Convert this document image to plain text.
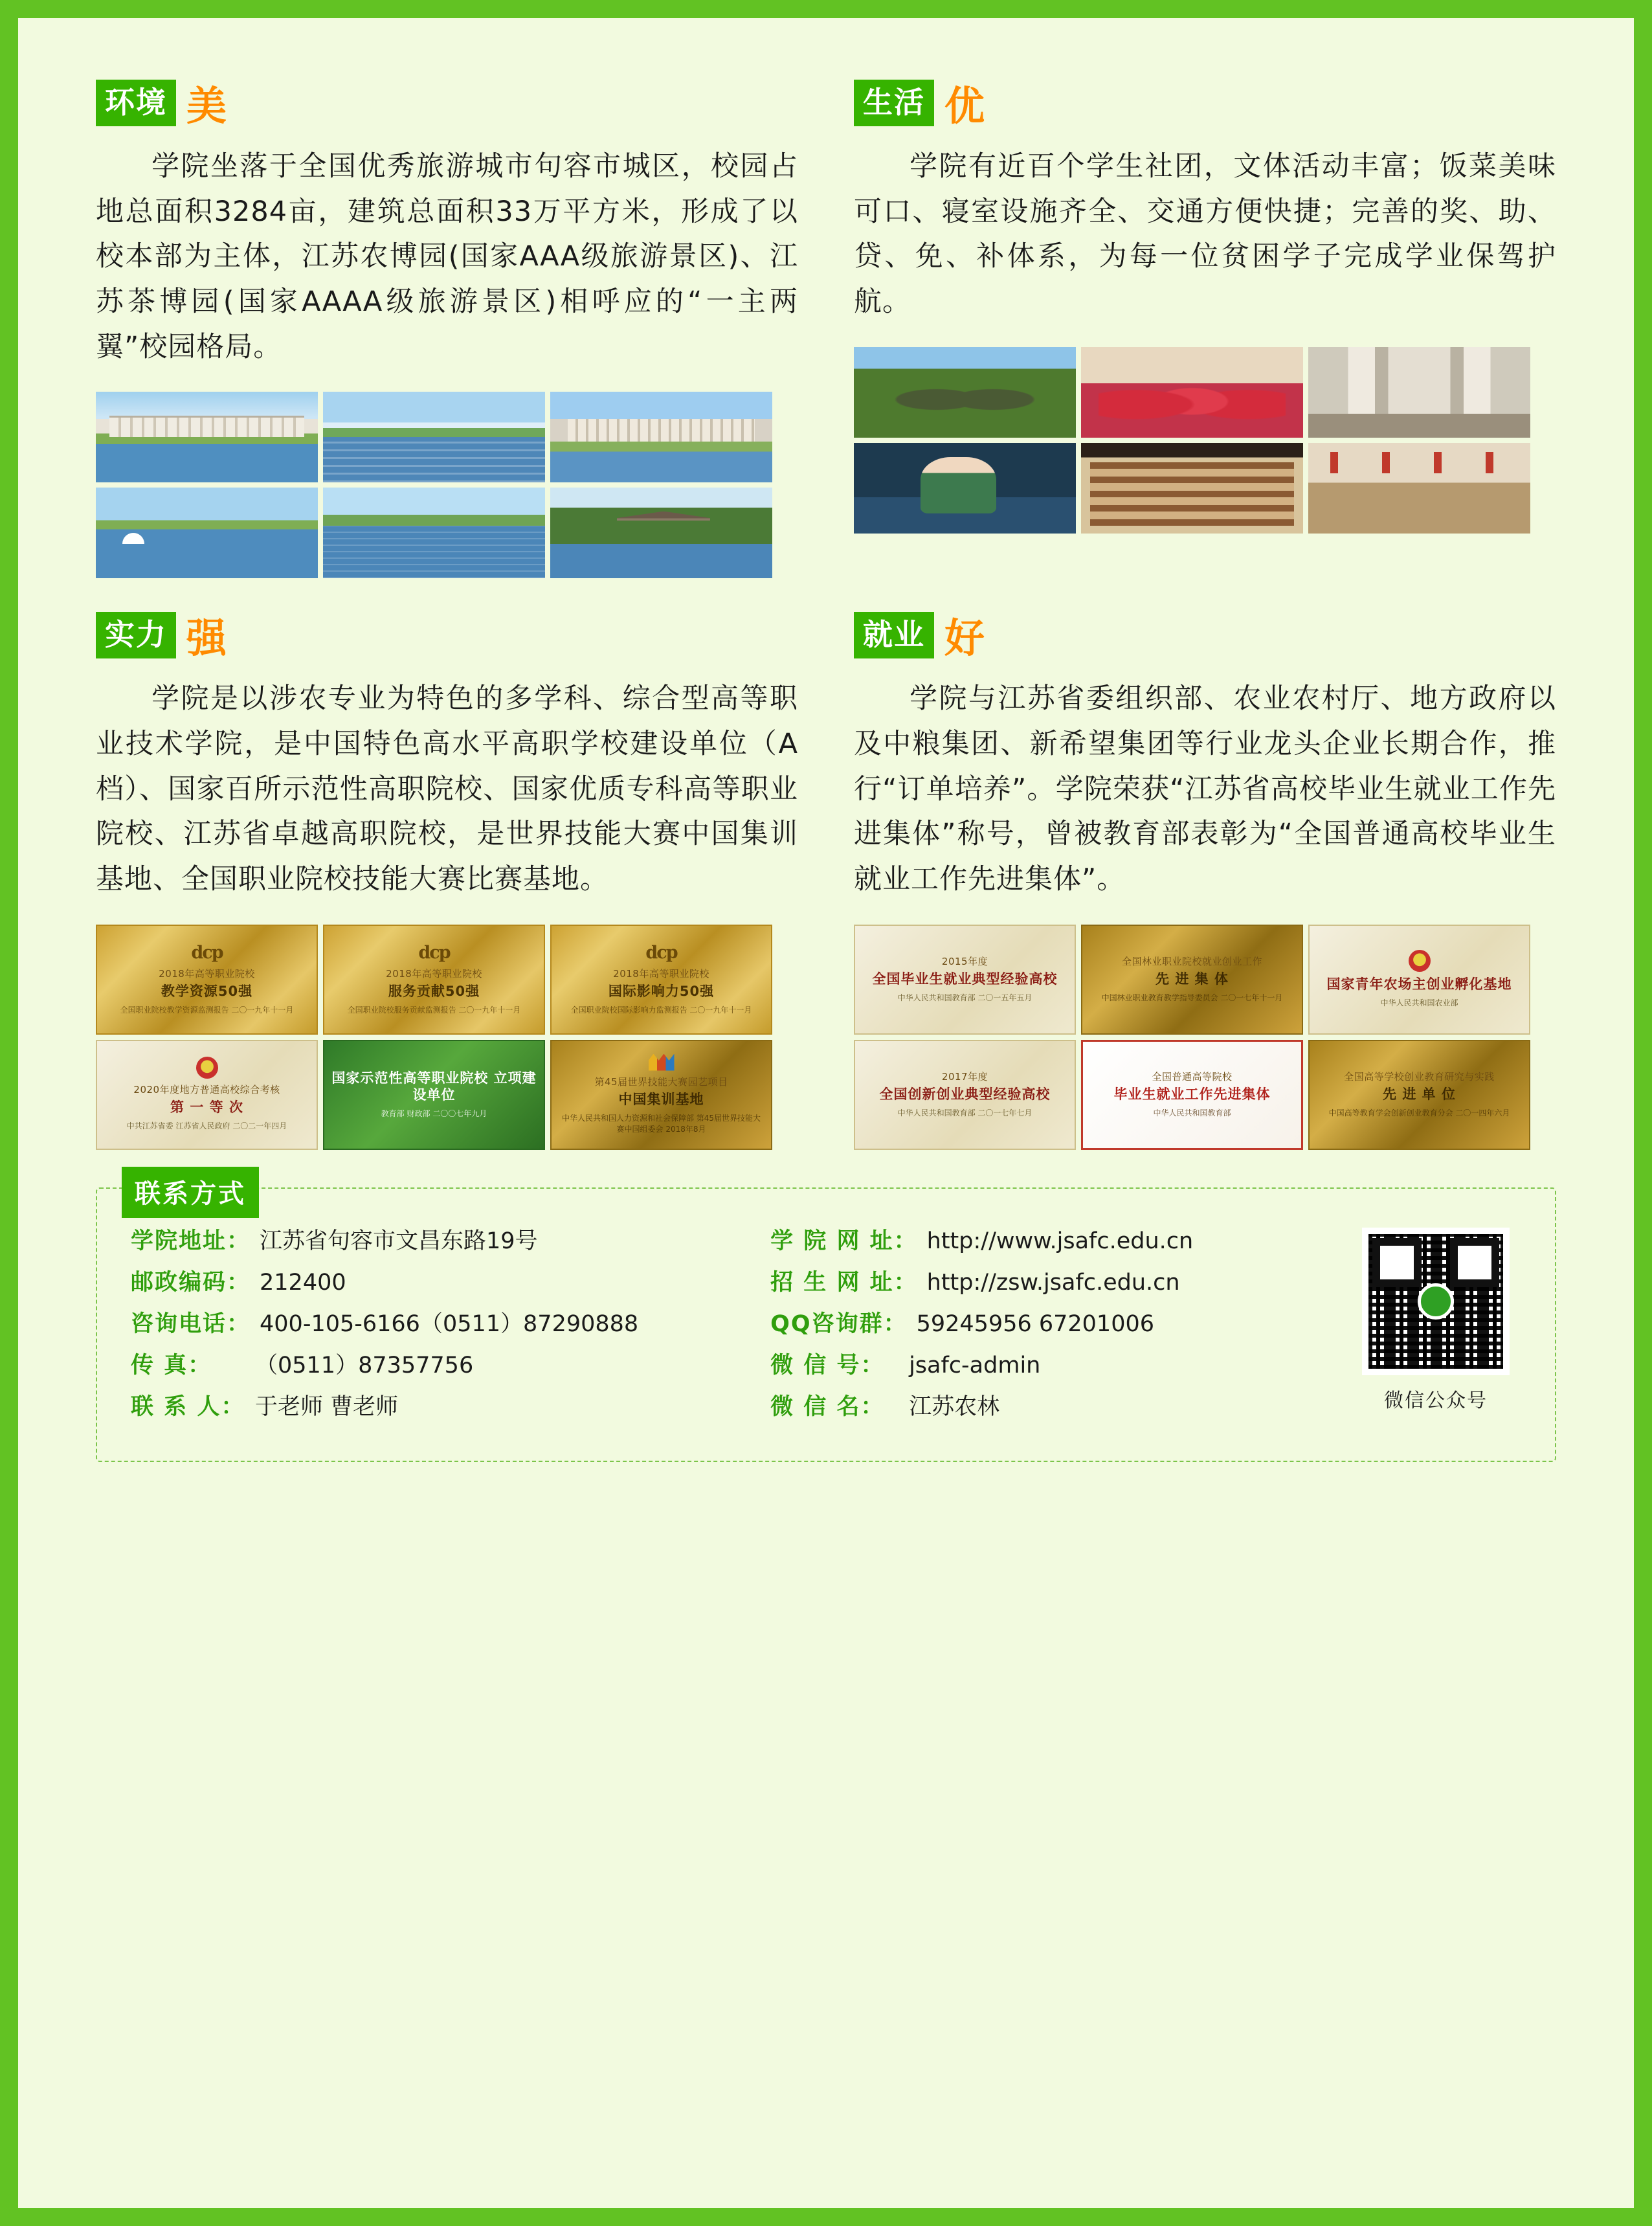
环境 美

学院坐落于全国优秀旅游城市句容市城区，校园占地总面积3284亩，建筑总面积33万平方米，形成了以校本部为主体，江苏农博园(国家AAA级旅游景区)、江苏茶博园(国家AAAA级旅游景区)相呼应的“一主两翼”校园格局。

生活 优

学院有近百个学生社团，文体活动丰富；饭菜美味可口、寝室设施齐全、交通方便快捷；完善的奖、助、贷、免、补体系，为每一位贫困学子完成学业保驾护航。

实力 强

学院是以涉农专业为特色的多学科、综合型高等职业技术学院，是中国特色高水平高职学校建设单位（A档）、国家百所示范性高职院校、国家优质专科高等职业院校、江苏省卓越高职院校，是世界技能大赛中国集训基地、全国职业院校技能大赛比赛基地。

dcp
2018年高等职业院校
教学资源50强
全国职业院校教学资源监测报告 二〇一九年十一月
dcp
2018年高等职业院校
服务贡献50强
全国职业院校服务贡献监测报告 二〇一九年十一月
dcp
2018年高等职业院校
国际影响力50强
全国职业院校国际影响力监测报告 二〇一九年十一月
2020年度地方普通高校综合考核
第 一 等 次
中共江苏省委 江苏省人民政府 二〇二一年四月
国家示范性高等职业院校 立项建设单位
教育部 财政部 二〇〇七年九月
第45届世界技能大赛园艺项目
中国集训基地
中华人民共和国人力资源和社会保障部 第45届世界技能大赛中国组委会 2018年8月
就业 好

学院与江苏省委组织部、农业农村厅、地方政府以及中粮集团、新希望集团等行业龙头企业长期合作，推行“订单培养”。学院荣获“江苏省高校毕业生就业工作先进集体”称号，曾被教育部表彰为“全国普通高校毕业生就业工作先进集体”。

2015年度
全国毕业生就业典型经验高校
中华人民共和国教育部 二〇一五年五月
全国林业职业院校就业创业工作
先 进 集 体
中国林业职业教育教学指导委员会 二〇一七年十一月
国家青年农场主创业孵化基地
中华人民共和国农业部
2017年度
全国创新创业典型经验高校
中华人民共和国教育部 二〇一七年七月
全国普通高等院校
毕业生就业工作先进集体
中华人民共和国教育部
全国高等学校创业教育研究与实践
先 进 单 位
中国高等教育学会创新创业教育分会 二〇一四年六月
联系方式
学院地址： 江苏省句容市文昌东路19号
邮政编码： 212400
咨询电话： 400-105-6166（0511）87290888
传 真：	（0511）87357756
联 系 人： 于老师 曹老师
学 院 网 址： http://www.jsafc.edu.cn
招 生 网 址： http://zsw.jsafc.edu.cn
QQ咨询群： 59245956 67201006
微 信 号：	jsafc-admin
微 信 名：	江苏农林	微信公众号
